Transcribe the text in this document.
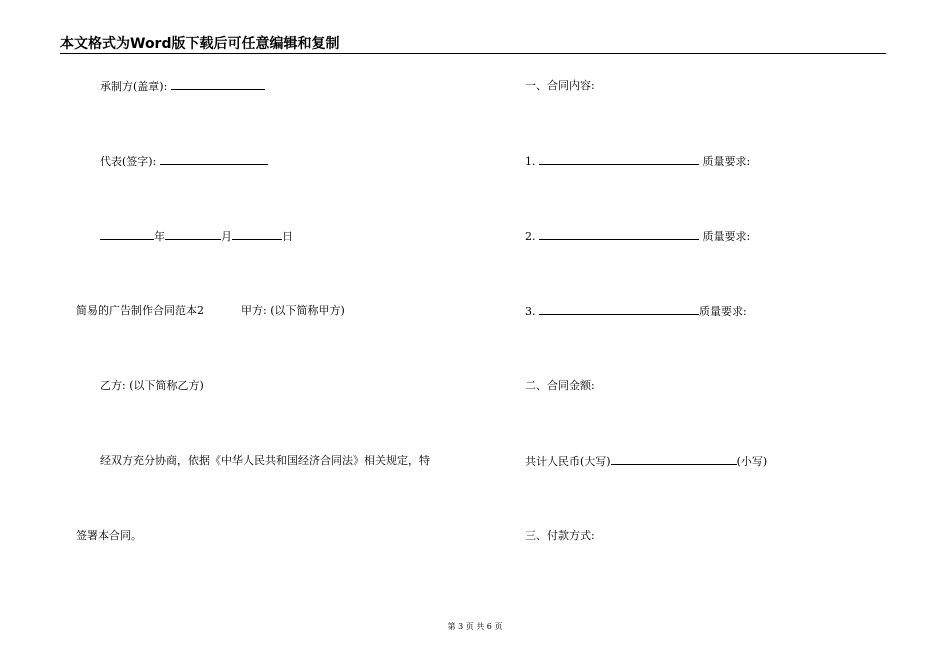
本文格式为Word版下载后可任意编辑和复制
承制方(盖章):
代表(签字):
年	月	日
简易的广告制作合同范本2	甲方: (以下简称甲方)
乙方: (以下简称乙方)
经双方充分协商，依据《中华人民共和国经济合同法》相关规定，特
签署本合同。
一、合同内容:
1.	质量要求:
2.	质量要求:
3.	质量要求:
二、合同金额:
共计人民币(大写)	(小写)
三、付款方式:
第 3 页 共 6 页
